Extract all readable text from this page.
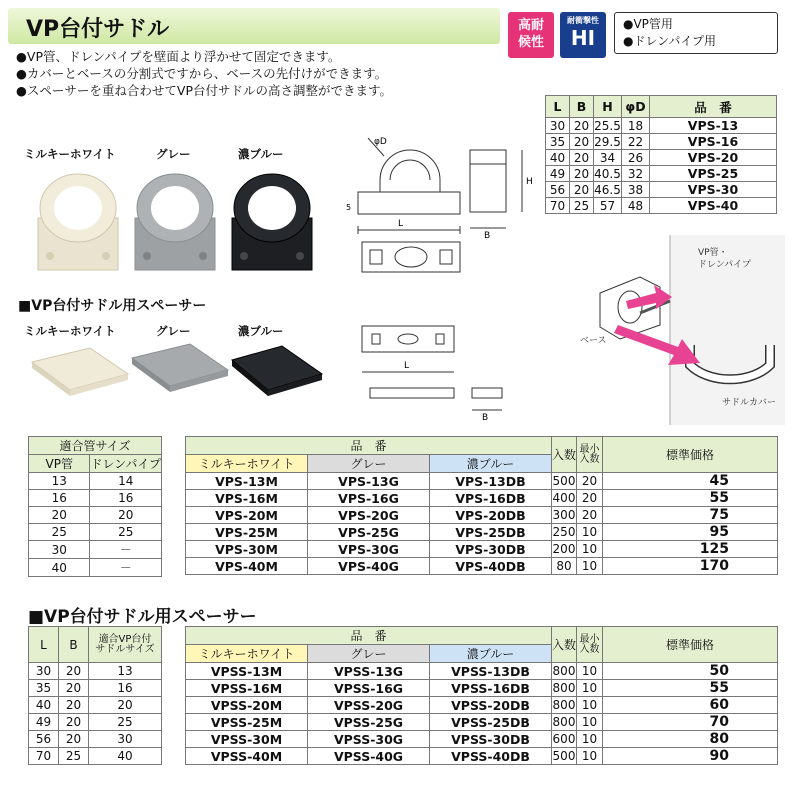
VP台付サドル	高耐
候性
耐衝撃性
HI
●VP管用
●ドレンパイプ用
●VP管、ドレンパイプを壁面より浮かせて固定できます。
●カバーとベースの分割式ですから、ベースの先付けができます。
●スペーサーを重ね合わせてVP台付サドルの高さ調整ができます。
ミルキーホワイト	グレー	濃ブルー
■VP台付サドル用スペーサー
ミルキーホワイト	グレー	濃ブルー
L
φD
5
H
B
L
B
L	B	H	φD	品　番
30	20	25.5	18	VPS-13
35	20	29.5	22	VPS-16
40	20	34	26	VPS-20
49	20	40.5	32	VPS-25
56	20	46.5	38	VPS-30
70	25	57	48	VPS-40
VP管・
ドレンパイプ
ベース
サドルカバー
適合管サイズ	
VP管	ドレンパイプ
13	14
16	16
20	20
25	25
30	－
40	－
品　番			入数	最小
入数	標準価格
ミルキーホワイト	グレー	濃ブルー			
VPS-13M	VPS-13G	VPS-13DB	500	20	45
VPS-16M	VPS-16G	VPS-16DB	400	20	55
VPS-20M	VPS-20G	VPS-20DB	300	20	75
VPS-25M	VPS-25G	VPS-25DB	250	10	95
VPS-30M	VPS-30G	VPS-30DB	200	10	125
VPS-40M	VPS-40G	VPS-40DB	80	10	170
■VP台付サドル用スペーサー
L	B	適合VP台付
サドルサイズ

30	20	13
35	20	16
40	20	20
49	20	25
56	20	30
70	25	40
品　番			入数	最小
入数	標準価格
ミルキーホワイト	グレー	濃ブルー			
VPSS-13M	VPSS-13G	VPSS-13DB	800	10	50
VPSS-16M	VPSS-16G	VPSS-16DB	800	10	55
VPSS-20M	VPSS-20G	VPSS-20DB	800	10	60
VPSS-25M	VPSS-25G	VPSS-25DB	800	10	70
VPSS-30M	VPSS-30G	VPSS-30DB	600	10	80
VPSS-40M	VPSS-40G	VPSS-40DB	500	10	90
